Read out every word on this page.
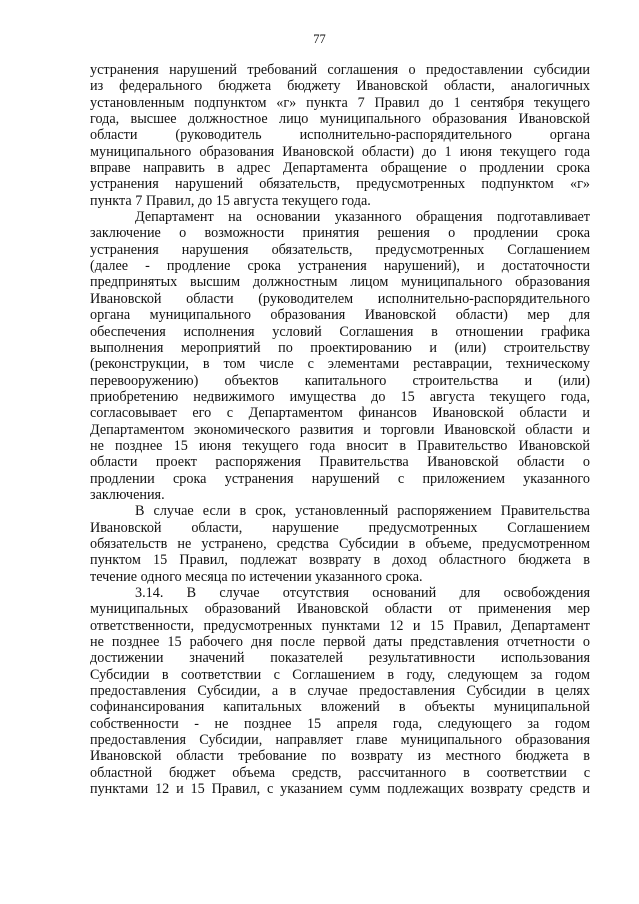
77
устранения нарушений требований соглашения о предоставлении субсидии
из федерального бюджета бюджету Ивановской области, аналогичных
установленным подпунктом «г» пункта 7 Правил до 1 сентября текущего
года, высшее должностное лицо муниципального образования Ивановской
области (руководитель исполнительно-распорядительного органа
муниципального образования Ивановской области) до 1 июня текущего года
вправе направить в адрес Департамента обращение о продлении срока
устранения нарушений обязательств, предусмотренных подпунктом «г»
пункта 7 Правил, до 15 августа текущего года.
Департамент на основании указанного обращения подготавливает
заключение о возможности принятия решения о продлении срока
устранения нарушения обязательств, предусмотренных Соглашением
(далее - продление срока устранения нарушений), и достаточности
предпринятых высшим должностным лицом муниципального образования
Ивановской области (руководителем исполнительно-распорядительного
органа муниципального образования Ивановской области) мер для
обеспечения исполнения условий Соглашения в отношении графика
выполнения мероприятий по проектированию и (или) строительству
(реконструкции, в том числе с элементами реставрации, техническому
перевооружению) объектов капитального строительства и (или)
приобретению недвижимого имущества до 15 августа текущего года,
согласовывает его с Департаментом финансов Ивановской области и
Департаментом экономического развития и торговли Ивановской области и
не позднее 15 июня текущего года вносит в Правительство Ивановской
области проект распоряжения Правительства Ивановской области о
продлении срока устранения нарушений с приложением указанного
заключения.
В случае если в срок, установленный распоряжением Правительства
Ивановской области, нарушение предусмотренных Соглашением
обязательств не устранено, средства Субсидии в объеме, предусмотренном
пунктом 15 Правил, подлежат возврату в доход областного бюджета в
течение одного месяца по истечении указанного срока.
3.14. В случае отсутствия оснований для освобождения
муниципальных образований Ивановской области от применения мер
ответственности, предусмотренных пунктами 12 и 15 Правил, Департамент
не позднее 15 рабочего дня после первой даты представления отчетности о
достижении значений показателей результативности использования
Субсидии в соответствии с Соглашением в году, следующем за годом
предоставления Субсидии, а в случае предоставления Субсидии в целях
софинансирования капитальных вложений в объекты муниципальной
собственности - не позднее 15 апреля года, следующего за годом
предоставления Субсидии, направляет главе муниципального образования
Ивановской области требование по возврату из местного бюджета в
областной бюджет объема средств, рассчитанного в соответствии с
пунктами 12 и 15 Правил, с указанием сумм подлежащих возврату средств и
